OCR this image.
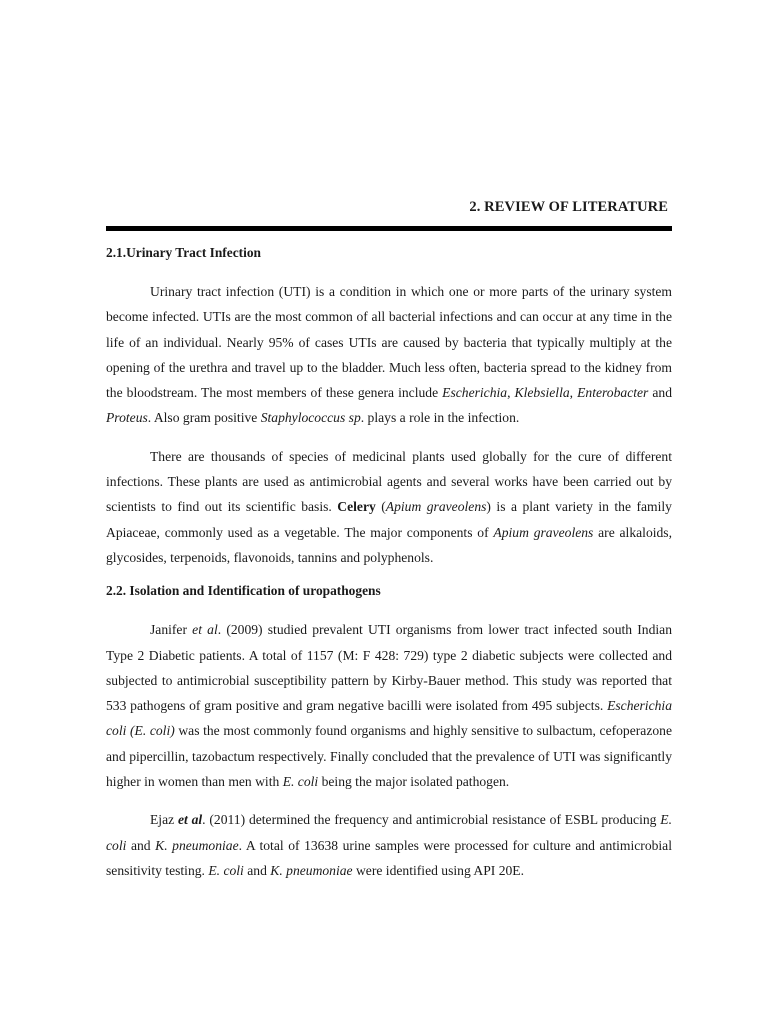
2. REVIEW OF LITERATURE
2.1.Urinary Tract Infection

Urinary tract infection (UTI) is a condition in which one or more parts of the urinary system become infected. UTIs are the most common of all bacterial infections and can occur at any time in the life of an individual. Nearly 95% of cases UTIs are caused by bacteria that typically multiply at the opening of the urethra and travel up to the bladder. Much less often, bacteria spread to the kidney from the bloodstream. The most members of these genera include Escherichia, Klebsiella, Enterobacter and Proteus. Also gram positive Staphylococcus sp. plays a role in the infection.

There are thousands of species of medicinal plants used globally for the cure of different infections. These plants are used as antimicrobial agents and several works have been carried out by scientists to find out its scientific basis. Celery (Apium graveolens) is a plant variety in the family Apiaceae, commonly used as a vegetable. The major components of Apium graveolens are alkaloids, glycosides, terpenoids, flavonoids, tannins and polyphenols.

2.2. Isolation and Identification of uropathogens

Janifer et al. (2009) studied prevalent UTI organisms from lower tract infected south Indian Type 2 Diabetic patients. A total of 1157 (M: F 428: 729) type 2 diabetic subjects were collected and subjected to antimicrobial susceptibility pattern by Kirby-Bauer method. This study was reported that 533 pathogens of gram positive and gram negative bacilli were isolated from 495 subjects. Escherichia coli (E. coli) was the most commonly found organisms and highly sensitive to sulbactum, cefoperazone and pipercillin, tazobactum respectively. Finally concluded that the prevalence of UTI was significantly higher in women than men with E. coli being the major isolated pathogen.

Ejaz et al. (2011) determined the frequency and antimicrobial resistance of ESBL producing E. coli and K. pneumoniae. A total of 13638 urine samples were processed for culture and antimicrobial sensitivity testing. E. coli and K. pneumoniae were identified using API 20E.
